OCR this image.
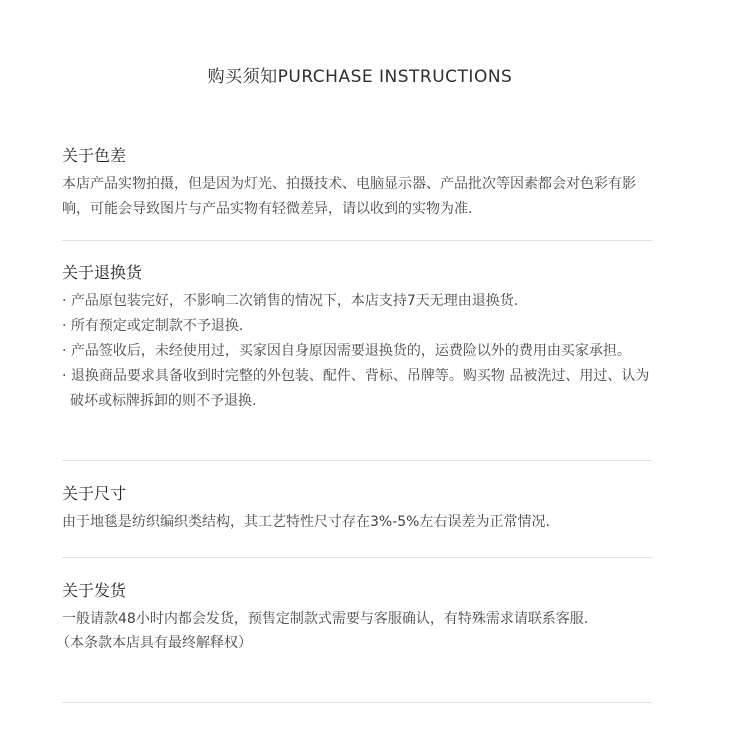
购买须知PURCHASE INSTRUCTIONS
关于色差

本店产品实物拍摄，但是因为灯光、拍摄技术、电脑显示器、产品批次等因素都会对色彩有影响，可能会导致图片与产品实物有轻微差异，请以收到的实物为准.

关于退换货
· 产品原包装完好，不影响二次销售的情况下，本店支持7天无理由退换货.
· 所有预定或定制款不予退换.
· 产品签收后，未经使用过，买家因自身原因需要退换货的，运费险以外的费用由买家承担。
· 退换商品要求具备收到时完整的外包装、配件、背标、吊牌等。购买物 品被洗过、用过、认为破坏或标牌拆卸的则不予退换.
关于尺寸

由于地毯是纺织编织类结构，其工艺特性尺寸存在3%-5%左右误差为正常情况.

关于发货

一般请款48小时内都会发货，预售定制款式需要与客服确认，有特殊需求请联系客服.

（本条款本店具有最终解释权）
